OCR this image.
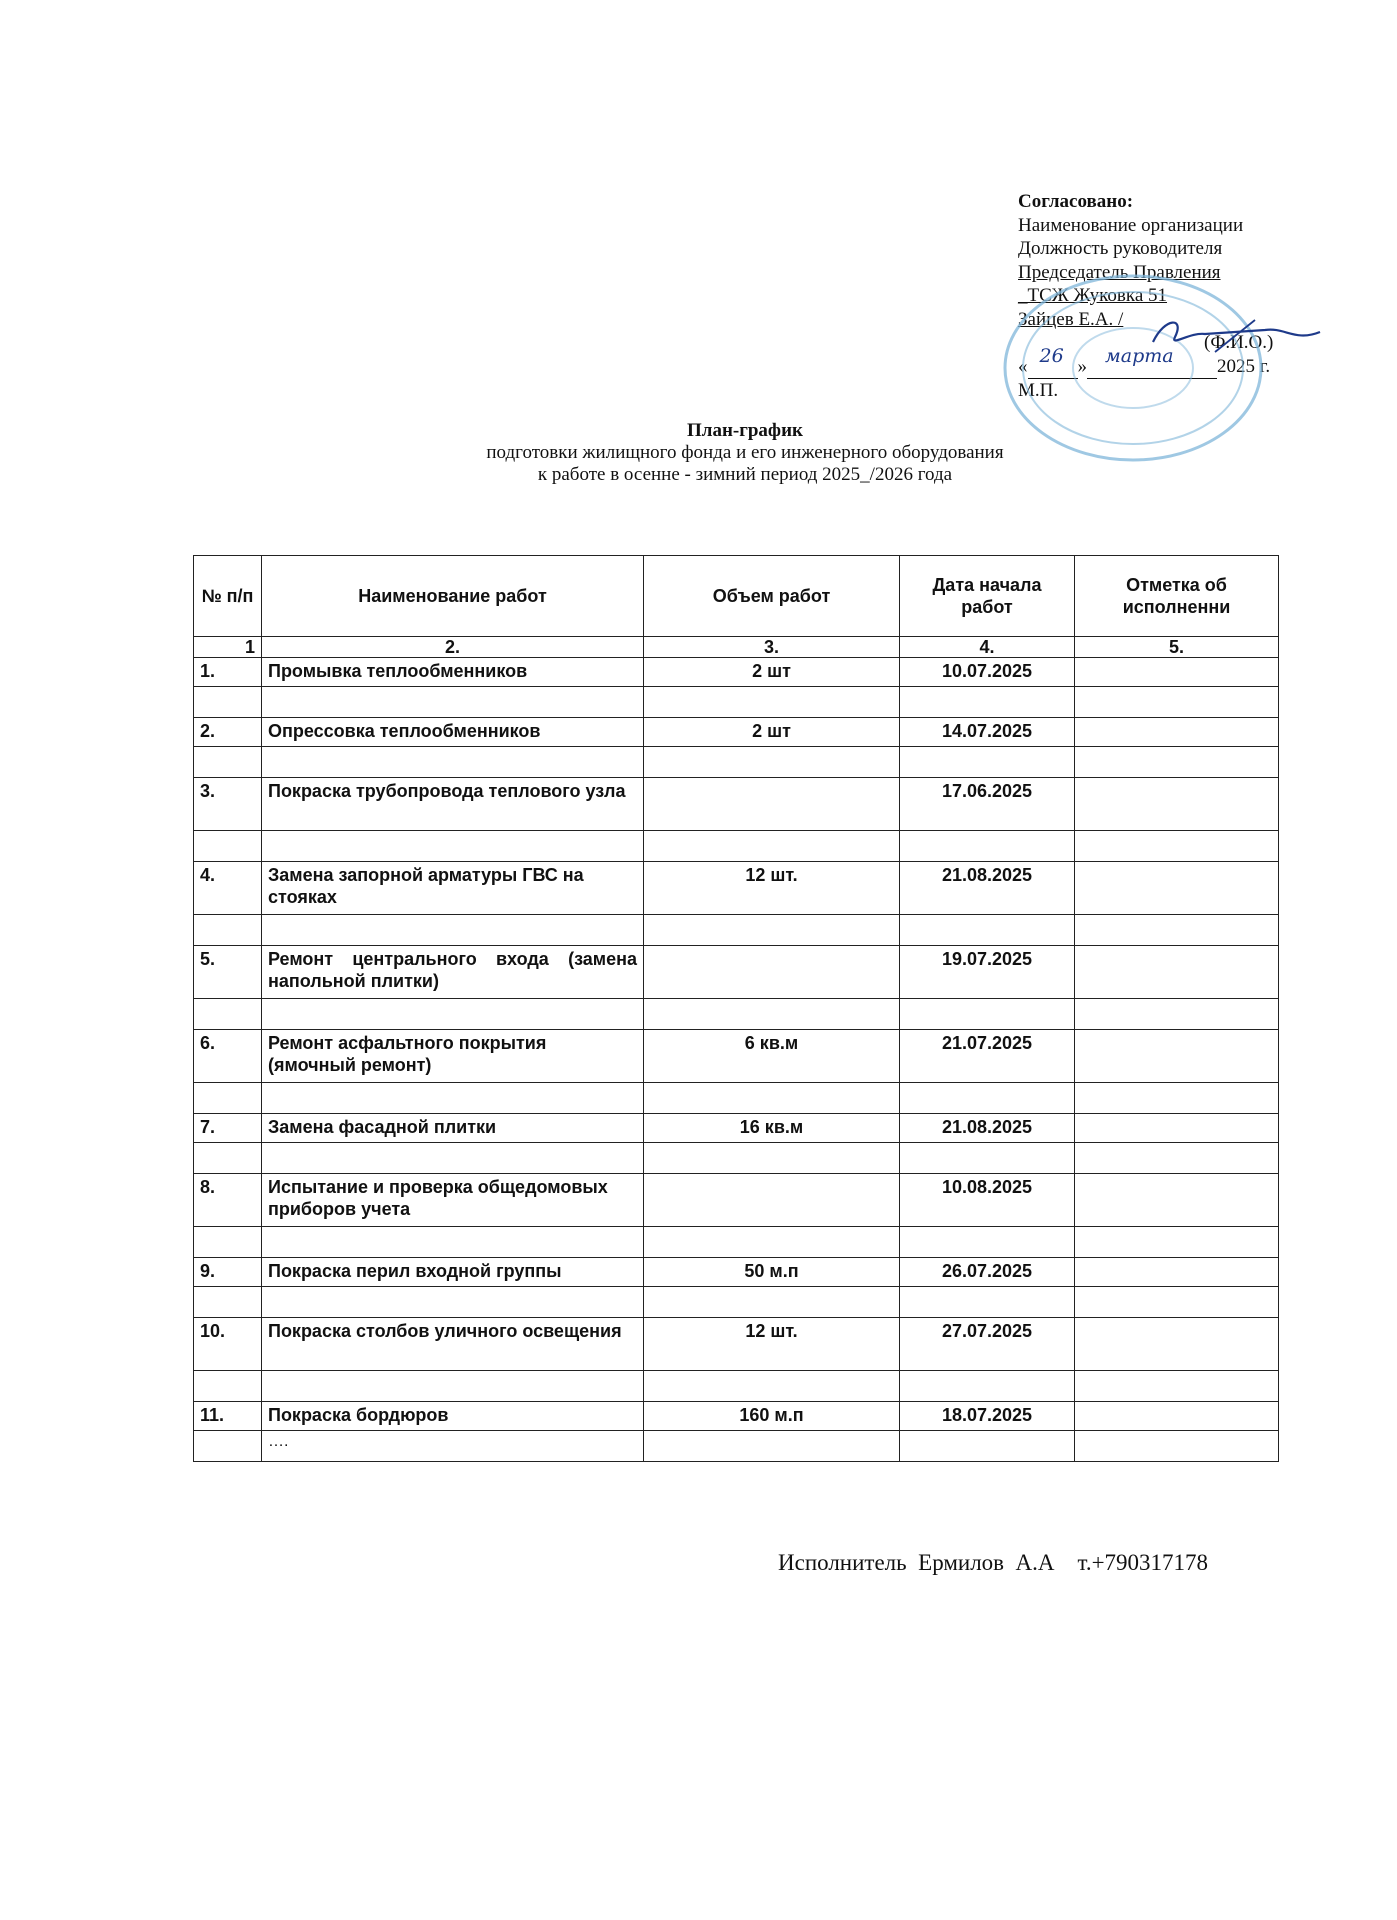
Согласовано:
Наименование организации
Должность руководителя
Председатель Правления
_ТСЖ Жуковка 51
Зайцев Е.А. /
(Ф.И.О.)
« 26 » марта 2025 г.
М.П.
План-график
подготовки жилищного фонда и его инженерного оборудования
к работе в осенне - зимний период 2025_/2026 года
№ п/п	Наименование работ	Объем работ	Дата начала работ	Отметка об исполненни
1	2.	3.	4.	5.
1.	Промывка теплообменников	2 шт	10.07.2025	

2.	Опрессовка теплообменников	2 шт	14.07.2025	

3.	Покраска трубопровода теплового узла		17.06.2025	

4.	Замена запорной арматуры ГВС на стояках	12 шт.	21.08.2025	

5.	Ремонт центрального входа (замена напольной плитки)		19.07.2025	

6.	Ремонт асфальтного покрытия (ямочный ремонт)	6 кв.м	21.07.2025	

7.	Замена фасадной плитки	16 кв.м	21.08.2025	

8.	Испытание и проверка общедомовых приборов учета		10.08.2025	

9.	Покраска перил входной группы	50 м.п	26.07.2025	

10.	Покраска столбов уличного освещения	12 шт.	27.07.2025	

11.	Покраска бордюров	160 м.п	18.07.2025	
	….			
Исполнитель  Ермилов  А.А    т.+790317178
